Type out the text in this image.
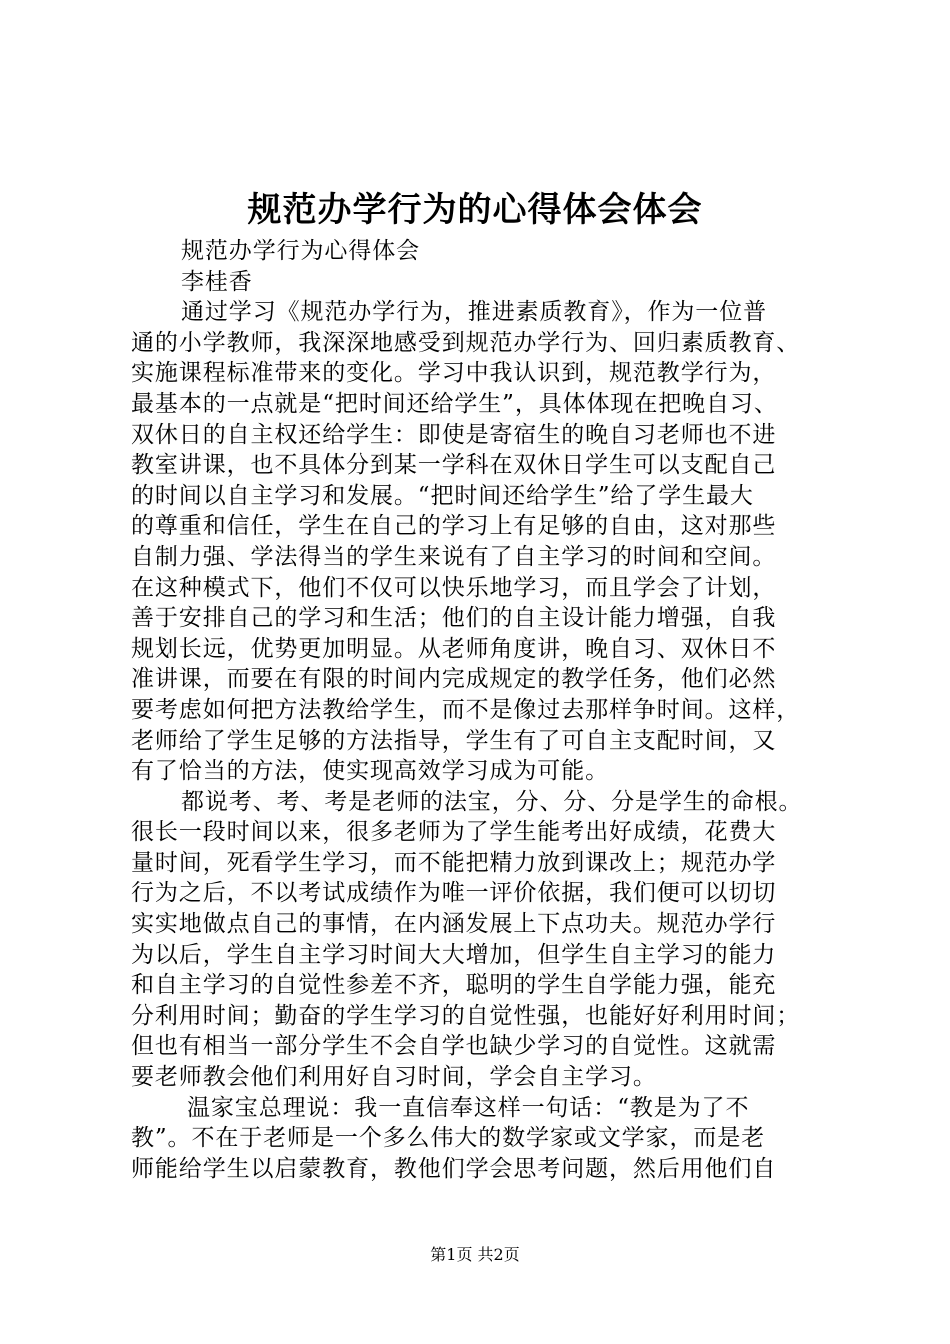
规范办学行为的心得体会体会
规范办学行为心得体会
李桂香
通过学习《规范办学行为，推进素质教育》，作为一位普
通的小学教师，我深深地感受到规范办学行为、回归素质教育、
实施课程标准带来的变化。学习中我认识到，规范教学行为，
最基本的一点就是“把时间还给学生”，具体体现在把晚自习、
双休日的自主权还给学生：即使是寄宿生的晚自习老师也不进
教室讲课，也不具体分到某一学科在双休日学生可以支配自己
的时间以自主学习和发展。“把时间还给学生”给了学生最大
的尊重和信任，学生在自己的学习上有足够的自由，这对那些
自制力强、学法得当的学生来说有了自主学习的时间和空间。
在这种模式下，他们不仅可以快乐地学习，而且学会了计划，
善于安排自己的学习和生活；他们的自主设计能力增强，自我
规划长远，优势更加明显。从老师角度讲，晚自习、双休日不
准讲课，而要在有限的时间内完成规定的教学任务，他们必然
要考虑如何把方法教给学生，而不是像过去那样争时间。这样，
老师给了学生足够的方法指导，学生有了可自主支配时间，又
有了恰当的方法，使实现高效学习成为可能。
都说考、考、考是老师的法宝，分、分、分是学生的命根。
很长一段时间以来，很多老师为了学生能考出好成绩，花费大
量时间，死看学生学习，而不能把精力放到课改上；规范办学
行为之后，不以考试成绩作为唯一评价依据，我们便可以切切
实实地做点自己的事情，在内涵发展上下点功夫。规范办学行
为以后，学生自主学习时间大大增加，但学生自主学习的能力
和自主学习的自觉性参差不齐，聪明的学生自学能力强，能充
分利用时间；勤奋的学生学习的自觉性强，也能好好利用时间；
但也有相当一部分学生不会自学也缺少学习的自觉性。这就需
要老师教会他们利用好自习时间，学会自主学习。
温家宝总理说：我一直信奉这样一句话：“教是为了不
教”。不在于老师是一个多么伟大的数学家或文学家，而是老
师能给学生以启蒙教育，教他们学会思考问题，然后用他们自
第1页 共2页
